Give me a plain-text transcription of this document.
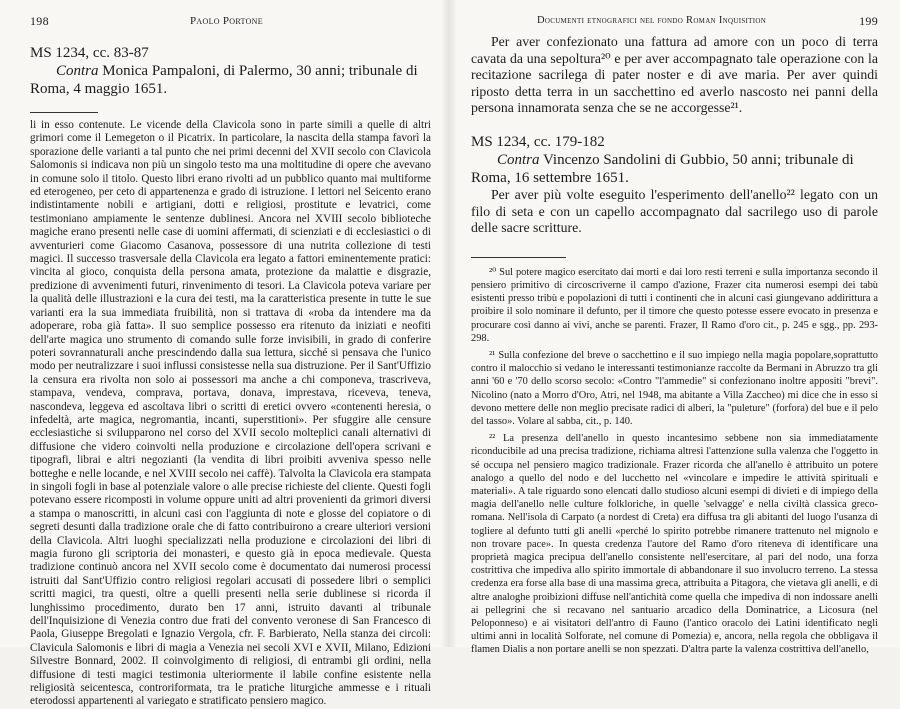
198	Paolo Portone
MS 1234, cc. 83-87
Contra Monica Pampaloni, di Palermo, 30 anni; tribunale di Roma, 4 maggio 1651.
li in esso contenute. Le vicende della Clavicola sono in parte simili a quelle di altri grimori come il Lemegeton o il Picatrix. In particolare, la nascita della stampa favorì la sporazione delle varianti a tal punto che nei primi decenni del XVII secolo con Clavicola Salomonis si indicava non più un singolo testo ma una moltitudine di opere che avevano in comune solo il titolo. Questo libri erano rivolti ad un pubblico quanto mai multiforme ed eterogeneo, per ceto di appartenenza e grado di istruzione. I lettori nel Seicento erano indistintamente nobili e artigiani, dotti e religiosi, prostitute e levatrici, come testimoniano ampiamente le sentenze dublinesi. Ancora nel XVIII secolo biblioteche magiche erano presenti nelle case di uomini affermati, di scienziati e di ecclesiastici o di avventurieri come Giacomo Casanova, possessore di una nutrita collezione di testi magici. Il successo trasversale della Clavicola era legato a fattori eminentemente pratici: vincita al gioco, conquista della persona amata, protezione da malattie e disgrazie, predizione di avvenimenti futuri, rinvenimento di tesori. La Clavicola poteva variare per la qualità delle illustrazioni e la cura dei testi, ma la caratteristica presente in tutte le sue varianti era la sua immediata fruibilità, non si trattava di «roba da intendere ma da adoperare, roba già fatta». Il suo semplice possesso era ritenuto da iniziati e neofiti dell'arte magica uno strumento di comando sulle forze invisibili, in grado di conferire poteri sovrannaturali anche prescindendo dalla sua lettura, sicché si pensava che l'unico modo per neutralizzare i suoi influssi consistesse nella sua distruzione. Per il Sant'Uffizio la censura era rivolta non solo ai possessori ma anche a chi componeva, trascriveva, stampava, vendeva, comprava, portava, donava, imprestava, riceveva, teneva, nascondeva, leggeva ed ascoltava libri o scritti di eretici ovvero «contenenti heresia, o infedeltà, arte magica, negromantia, incanti, superstitioni». Per sfuggire alle censure ecclesiastiche si svilupparono nel corso del XVII secolo molteplici canali alternativi di diffusione che videro coinvolti nella produzione e circolazione dell'opera scrivani e tipografi, librai e altri negozianti (la vendita di libri proibiti avveniva spesso nelle botteghe e nelle locande, e nel XVIII secolo nei caffè). Talvolta la Clavicola era stampata in singoli fogli in base al potenziale valore o alle precise richieste del cliente. Questi fogli potevano essere ricomposti in volume oppure uniti ad altri provenienti da grimori diversi a stampa o manoscritti, in alcuni casi con l'aggiunta di note e glosse del copiatore o di segreti desunti dalla tradizione orale che di fatto contribuirono a creare ulteriori versioni della Clavicola. Altri luoghi specializzati nella produzione e circolazioni dei libri di magia furono gli scriptoria dei monasteri, e questo già in epoca medievale. Questa tradizione continuò ancora nel XVII secolo come è documentato dai numerosi processi istruiti dal Sant'Uffizio contro religiosi regolari accusati di possedere libri o semplici scritti magici, tra questi, oltre a quelli presenti nella serie dublinese si ricorda il lunghissimo procedimento, durato ben 17 anni, istruito davanti al tribunale dell'Inquisizione di Venezia contro due frati del convento veronese di San Francesco di Paola, Giuseppe Bregolati e Ignazio Vergola, cfr. F. Barbierato, Nella stanza dei circoli: Clavicula Salomonis e libri di magia a Venezia nei secoli XVI e XVII, Milano, Edizioni Silvestre Bonnard, 2002. Il coinvolgimento di religiosi, di entrambi gli ordini, nella diffusione di testi magici testimonia ulteriormente il labile confine esistente nella religiosità seicentesca, controriformata, tra le pratiche liturgiche ammesse e i rituali eterodossi appartenenti al variegato e stratificato pensiero magico.
Documenti etnografici nel fondo Roman Inquisition	199

Per aver confezionato una fattura ad amore con un poco di terra cavata da una sepoltura²⁰ e per aver accompagnato tale operazione con la recitazione sacrilega di pater noster e di ave maria. Per aver quindi riposto detta terra in un sacchettino ed averlo nascosto nei panni della persona innamorata senza che se ne accorgesse²¹.

MS 1234, cc. 179-182
Contra Vincenzo Sandolini di Gubbio, 50 anni; tribunale di Roma, 16 settembre 1651.

Per aver più volte eseguito l'esperimento dell'anello²² legato con un filo di seta e con un capello accompagnato dal sacrilego uso di parole delle sacre scritture.

²⁰ Sul potere magico esercitato dai morti e dai loro resti terreni e sulla importanza secondo il pensiero primitivo di circoscriverne il campo d'azione, Frazer cita numerosi esempi dei tabù esistenti presso tribù e popolazioni di tutti i continenti che in alcuni casi giungevano addirittura a proibire il solo nominare il defunto, per il timore che questo potesse essere evocato in presenza e procurare così danno ai vivi, anche se parenti. Frazer, Il Ramo d'oro cit., p. 245 e sgg., pp. 293-298.

²¹ Sulla confezione del breve o sacchettino e il suo impiego nella magia popolare,soprattutto contro il malocchio si vedano le interessanti testimonianze raccolte da Bermani in Abruzzo tra gli anni '60 e '70 dello scorso secolo: «Contro "l'ammedie" si confezionano inoltre appositi "brevi". Nicolino (nato a Morro d'Oro, Atri, nel 1948, ma abitante a Villa Zaccheo) mi dice che in esso si devono mettere delle non meglio precisate radici di alberi, la "puleture" (forfora) del bue e il pelo del tasso». Volare al sabba, cit., p. 140.

²² La presenza dell'anello in questo incantesimo sebbene non sia immediatamente riconducibile ad una precisa tradizione, richiama altresì l'attenzione sulla valenza che l'oggetto in sé occupa nel pensiero magico tradizionale. Frazer ricorda che all'anello è attribuito un potere analogo a quello del nodo e del lucchetto nel «vincolare e impedire le attività spirituali e materiali». A tale riguardo sono elencati dallo studioso alcuni esempi di divieti e di impiego della magia dell'anello nelle culture folkloriche, in quelle 'selvagge' e nella civiltà classica greco-romana. Nell'isola di Carpato (a nordest di Creta) era diffusa tra gli abitanti del luogo l'usanza di togliere al defunto tutti gli anelli «perché lo spirito potrebbe rimanere trattenuto nel mignolo e non trovare pace». In questa credenza l'autore del Ramo d'oro riteneva di identificare una proprietà magica precipua dell'anello consistente nell'esercitare, al pari del nodo, una forza costrittiva che impediva allo spirito immortale di abbandonare il suo involucro terreno. La stessa credenza era forse alla base di una massima greca, attribuita a Pitagora, che vietava gli anelli, e di altre analoghe proibizioni diffuse nell'antichità come quella che impediva di non indossare anelli ai pellegrini che si recavano nel santuario arcadico della Dominatrice, a Licosura (nel Peloponneso) e ai visitatori dell'antro di Fauno (l'antico oracolo dei Latini identificato negli ultimi anni in località Solforate, nel comune di Pomezia) e, ancora, nella regola che obbligava il flamen Dialis a non portare anelli se non spezzati. D'altra parte la valenza costrittiva dell'anello,
